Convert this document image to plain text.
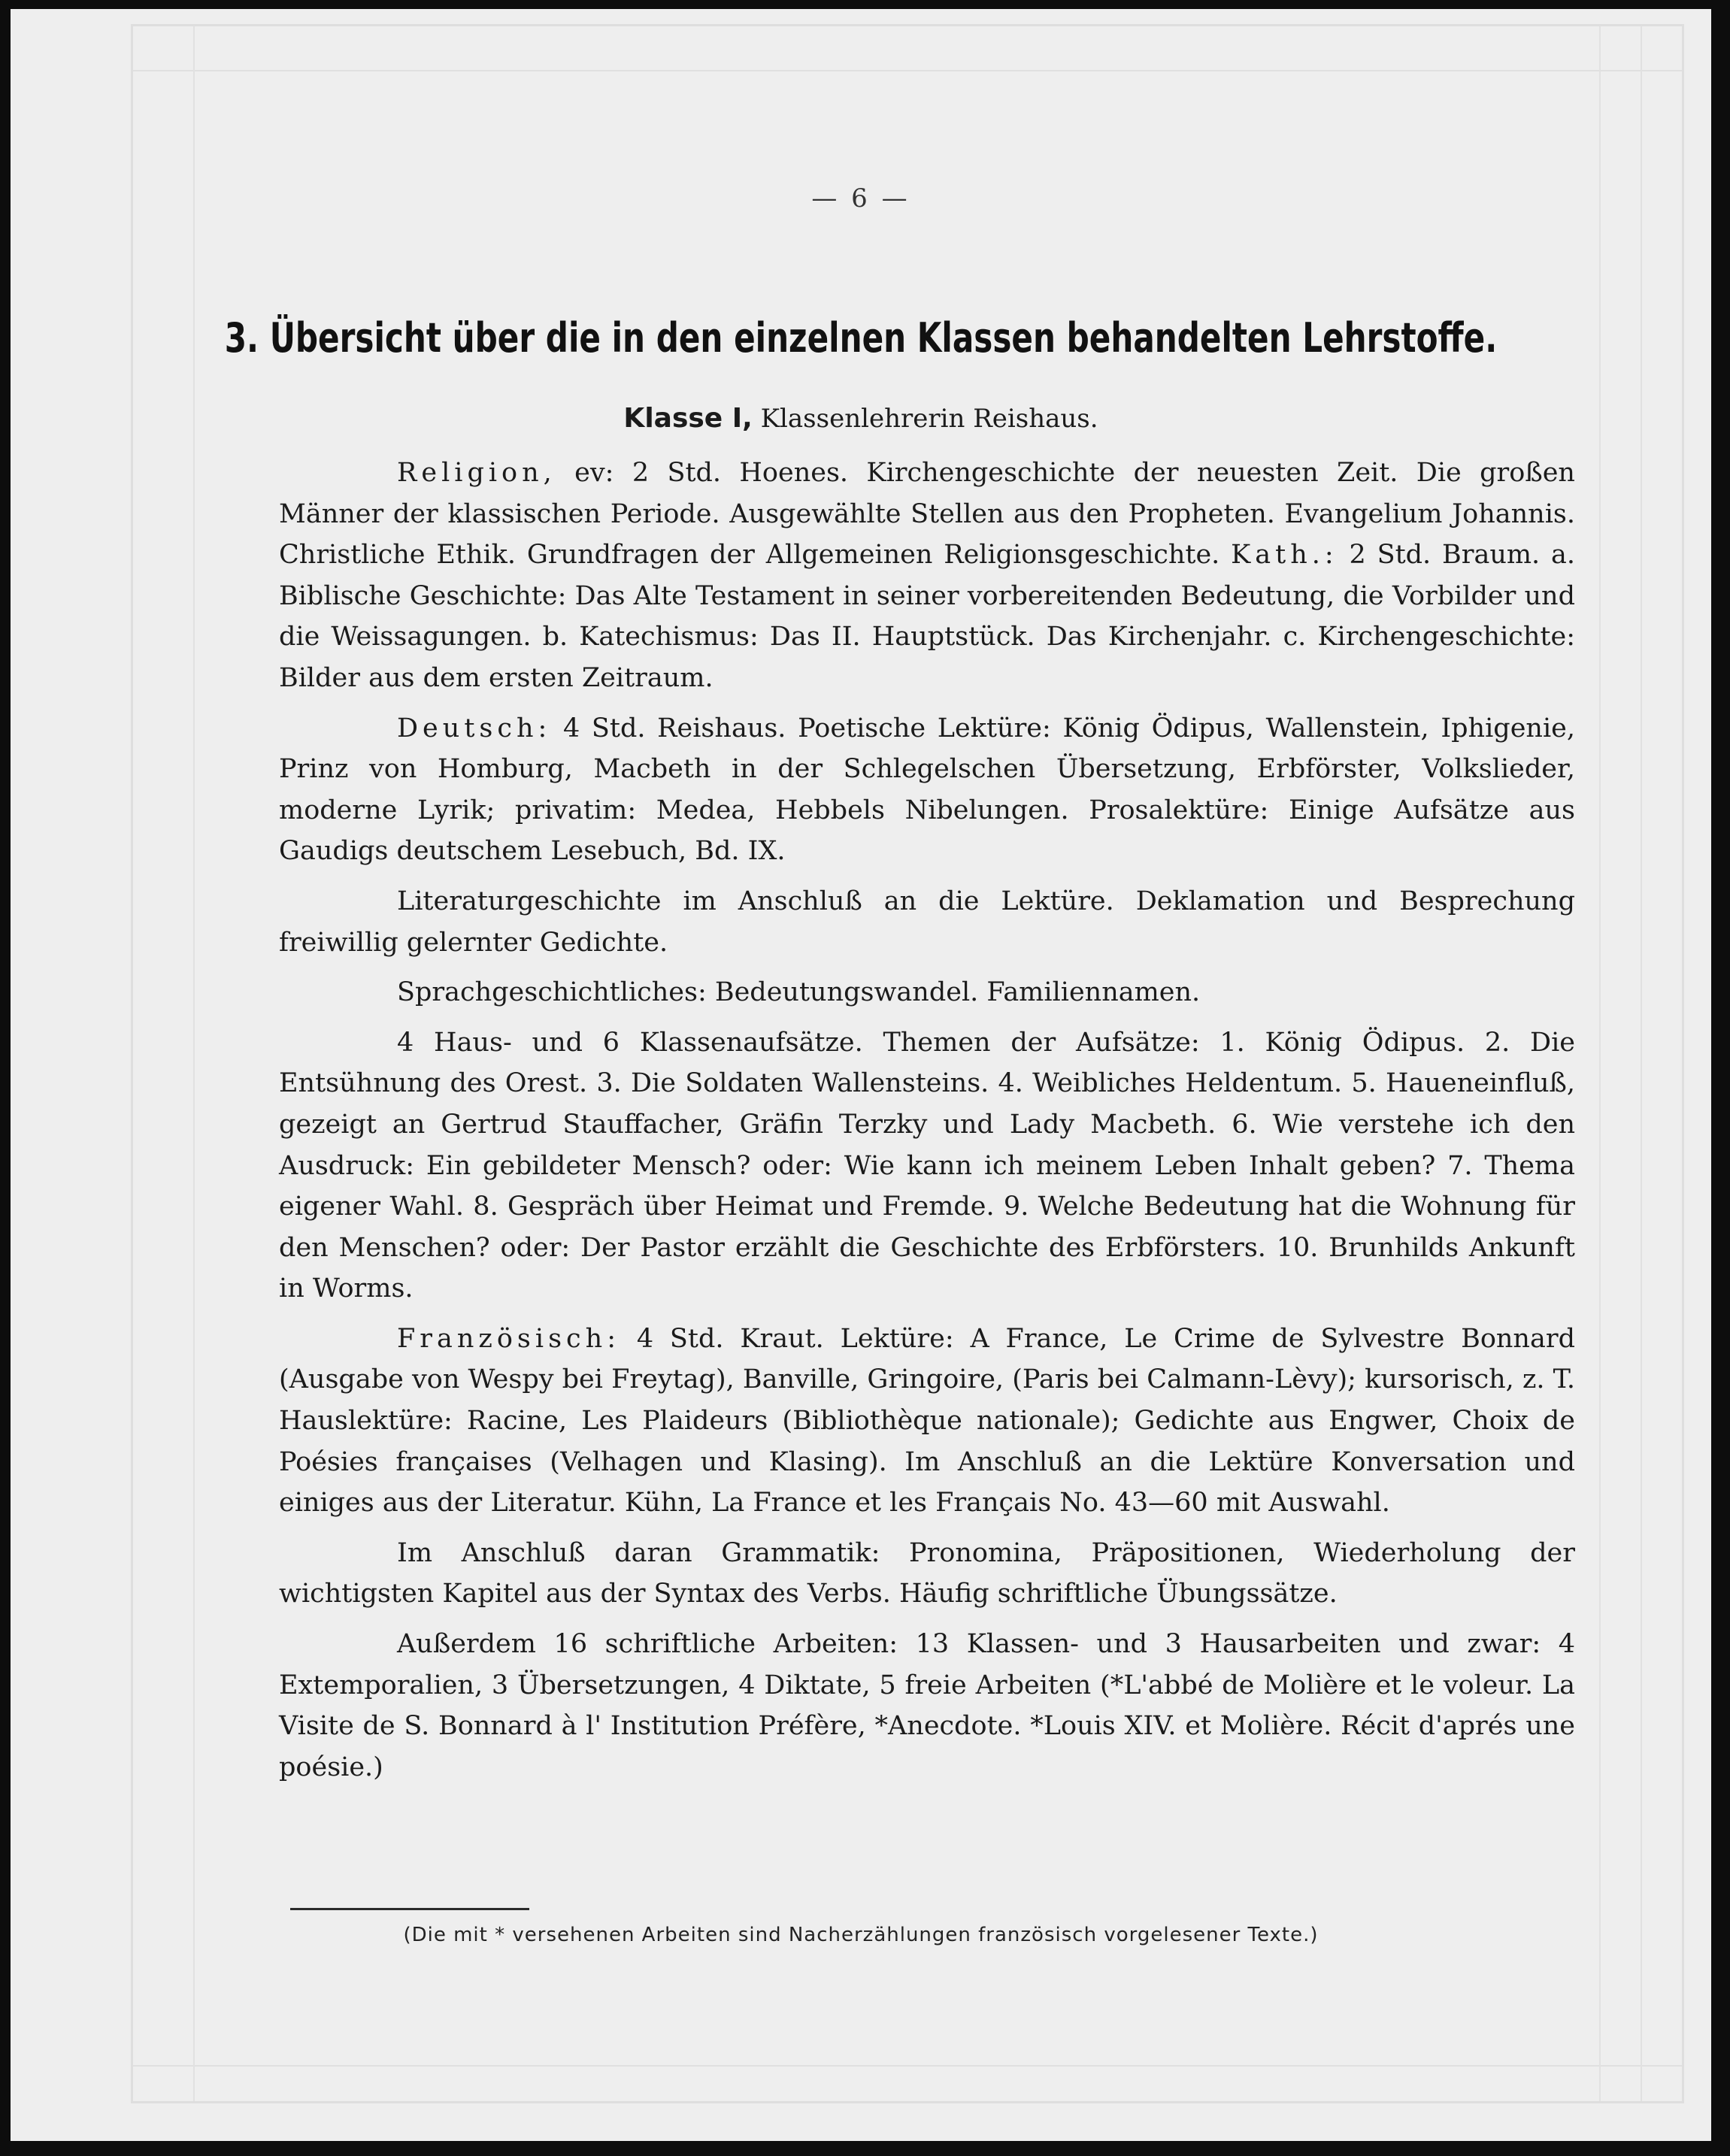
— 6 —
3. Übersicht über die in den einzelnen Klassen behandelten Lehrstoffe.
Klasse I, Klassenlehrerin Reishaus.

Religion, ev: 2 Std. Hoenes. Kirchengeschichte der neuesten Zeit. Die großen Männer der klassischen Periode. Ausgewählte Stellen aus den Propheten. Evangelium Johannis. Christliche Ethik. Grundfragen der Allgemeinen Religionsgeschichte. Kath.: 2 Std. Braum. a. Biblische Geschichte: Das Alte Testament in seiner vorbereitenden Bedeutung, die Vorbilder und die Weissagungen. b. Katechismus: Das II. Hauptstück. Das Kirchenjahr. c. Kirchengeschichte: Bilder aus dem ersten Zeitraum.

Deutsch: 4 Std. Reishaus. Poetische Lektüre: König Ödipus, Wallenstein, Iphigenie, Prinz von Homburg, Macbeth in der Schlegelschen Übersetzung, Erbförster, Volkslieder, moderne Lyrik; privatim: Medea, Hebbels Nibelungen. Prosalektüre: Einige Aufsätze aus Gaudigs deutschem Lesebuch, Bd. IX.

Literaturgeschichte im Anschluß an die Lektüre. Deklamation und Besprechung freiwillig gelernter Gedichte.

Sprachgeschichtliches: Bedeutungswandel. Familiennamen.

4 Haus- und 6 Klassenaufsätze. Themen der Aufsätze: 1. König Ödipus. 2. Die Entsühnung des Orest. 3. Die Soldaten Wallensteins. 4. Weibliches Heldentum. 5. Haueneinfluß, gezeigt an Gertrud Stauffacher, Gräfin Terzky und Lady Macbeth. 6. Wie verstehe ich den Ausdruck: Ein gebildeter Mensch? oder: Wie kann ich meinem Leben Inhalt geben? 7. Thema eigener Wahl. 8. Gespräch über Heimat und Fremde. 9. Welche Bedeutung hat die Wohnung für den Menschen? oder: Der Pastor erzählt die Geschichte des Erbförsters. 10. Brunhilds Ankunft in Worms.

Französisch: 4 Std. Kraut. Lektüre: A France, Le Crime de Sylvestre Bonnard (Ausgabe von Wespy bei Freytag), Banville, Gringoire, (Paris bei Calmann-Lèvy); kursorisch, z. T. Hauslektüre: Racine, Les Plaideurs (Bibliothèque nationale); Gedichte aus Engwer, Choix de Poésies françaises (Velhagen und Klasing). Im Anschluß an die Lektüre Konversation und einiges aus der Literatur. Kühn, La France et les Français No. 43—60 mit Auswahl.

Im Anschluß daran Grammatik: Pronomina, Präpositionen, Wiederholung der wichtigsten Kapitel aus der Syntax des Verbs. Häufig schriftliche Übungssätze.

Außerdem 16 schriftliche Arbeiten: 13 Klassen- und 3 Hausarbeiten und zwar: 4 Extemporalien, 3 Übersetzungen, 4 Diktate, 5 freie Arbeiten (*L'abbé de Molière et le voleur. La Visite de S. Bonnard à l' Institution Préfère, *Anecdote. *Louis XIV. et Molière. Récit d'aprés une poésie.)

(Die mit * versehenen Arbeiten sind Nacherzählungen französisch vorgelesener Texte.)
